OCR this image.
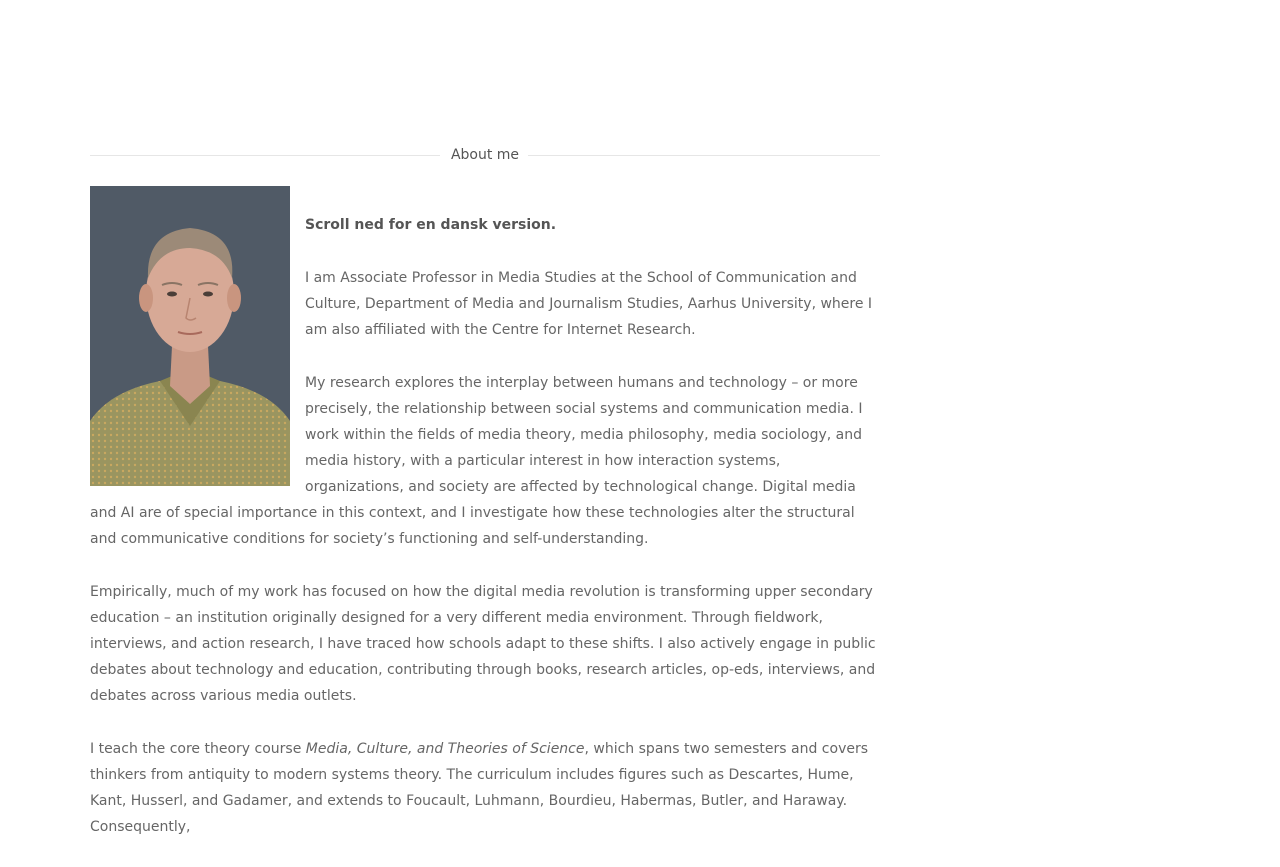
About me

Scroll ned for en dansk version.

I am Associate Professor in Media Studies at the School of Communication and Culture, Department of Media and Journalism Studies, Aarhus University, where I am also affiliated with the Centre for Internet Research.

My research explores the interplay between humans and technology – or more precisely, the relationship between social systems and communication media. I work within the fields of media theory, media philosophy, media sociology, and media history, with a particular interest in how interaction systems, organizations, and society are affected by technological change. Digital media and AI are of special importance in this context, and I investigate how these technologies alter the structural and communicative conditions for society’s functioning and self-understanding.

Empirically, much of my work has focused on how the digital media revolution is transforming upper secondary education – an institution originally designed for a very different media environment. Through fieldwork, interviews, and action research, I have traced how schools adapt to these shifts. I also actively engage in public debates about technology and education, contributing through books, research articles, op-eds, interviews, and debates across various media outlets.

I teach the core theory course Media, Culture, and Theories of Science, which spans two semesters and covers thinkers from antiquity to modern systems theory. The curriculum includes figures such as Descartes, Hume, Kant, Husserl, and Gadamer, and extends to Foucault, Luhmann, Bourdieu, Habermas, Butler, and Haraway. Consequently,
